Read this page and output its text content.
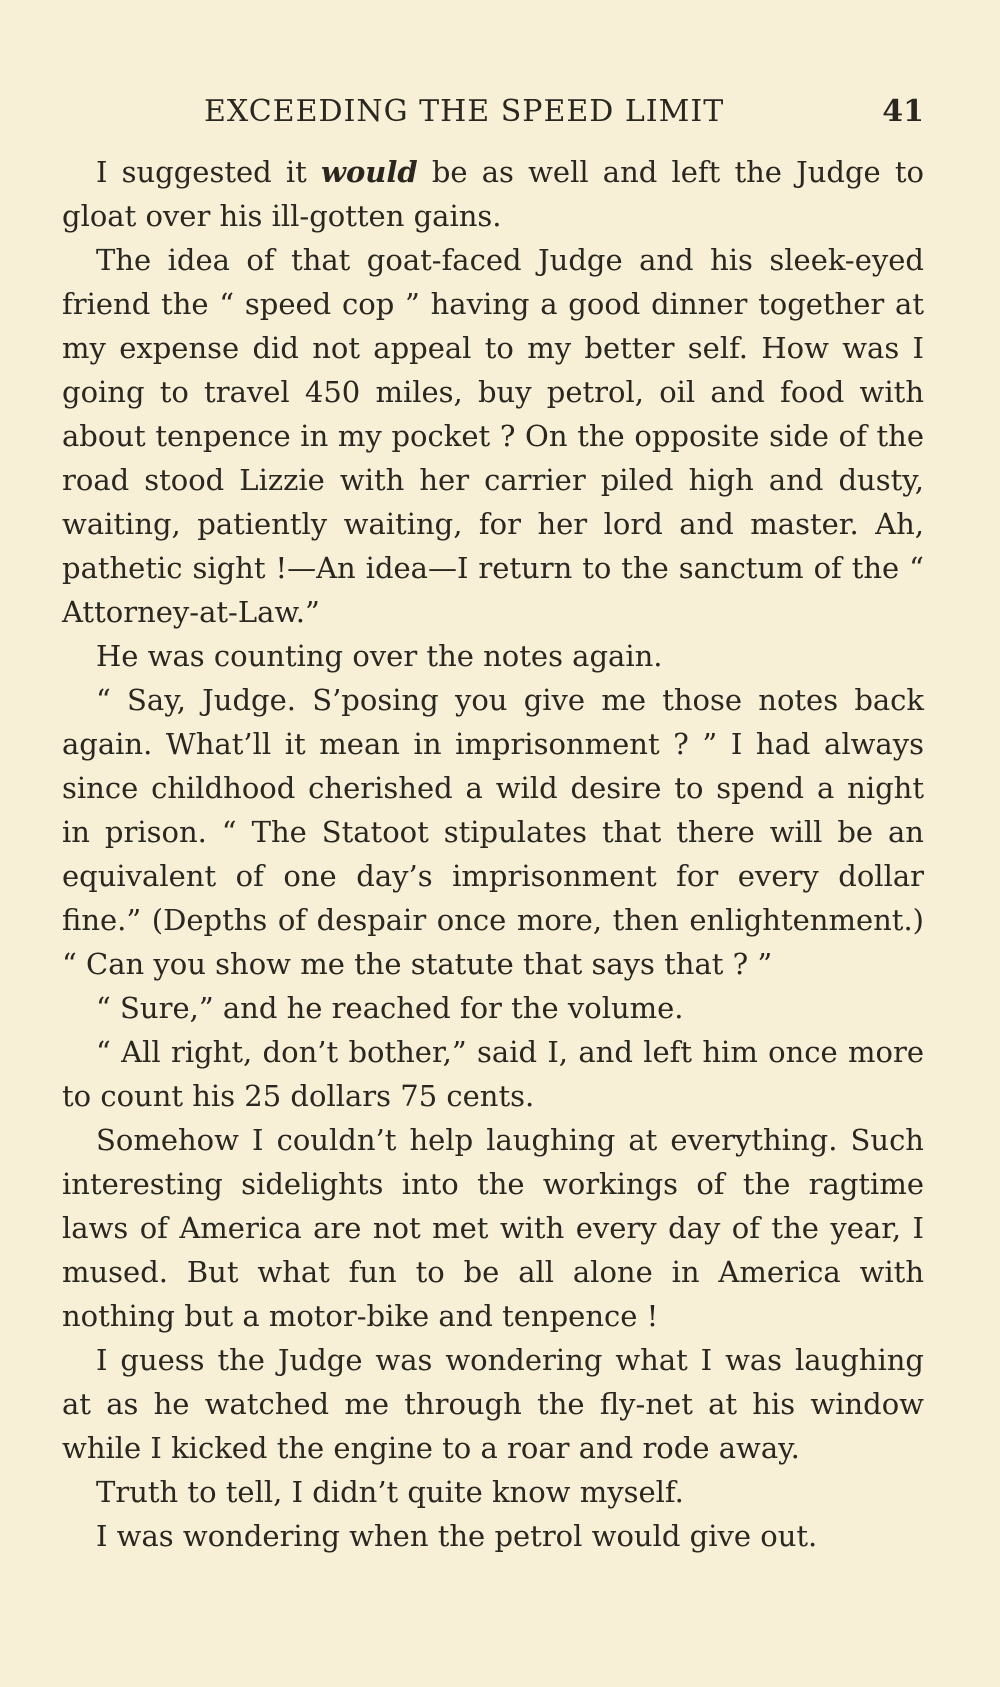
EXCEEDING THE SPEED LIMIT	41

I suggested it would be as well and left the Judge to gloat over his ill-gotten gains.

The idea of that goat-faced Judge and his sleek-eyed friend the “ speed cop ” having a good dinner together at my expense did not appeal to my better self. How was I going to travel 450 miles, buy petrol, oil and food with about tenpence in my pocket ? On the opposite side of the road stood Lizzie with her carrier piled high and dusty, waiting, patiently waiting, for her lord and master. Ah, pathetic sight !—An idea—I return to the sanctum of the “ Attorney-at-Law.”

He was counting over the notes again.

“ Say, Judge. S’posing you give me those notes back again. What’ll it mean in imprisonment ? ” I had always since childhood cherished a wild desire to spend a night in prison. “ The Statoot stipulates that there will be an equivalent of one day’s imprisonment for every dollar fine.” (Depths of despair once more, then enlightenment.) “ Can you show me the statute that says that ? ”

“ Sure,” and he reached for the volume.

“ All right, don’t bother,” said I, and left him once more to count his 25 dollars 75 cents.

Somehow I couldn’t help laughing at everything. Such interesting sidelights into the workings of the ragtime laws of America are not met with every day of the year, I mused. But what fun to be all alone in America with nothing but a motor-bike and tenpence !

I guess the Judge was wondering what I was laughing at as he watched me through the fly-net at his window while I kicked the engine to a roar and rode away.

Truth to tell, I didn’t quite know myself.

I was wondering when the petrol would give out.
